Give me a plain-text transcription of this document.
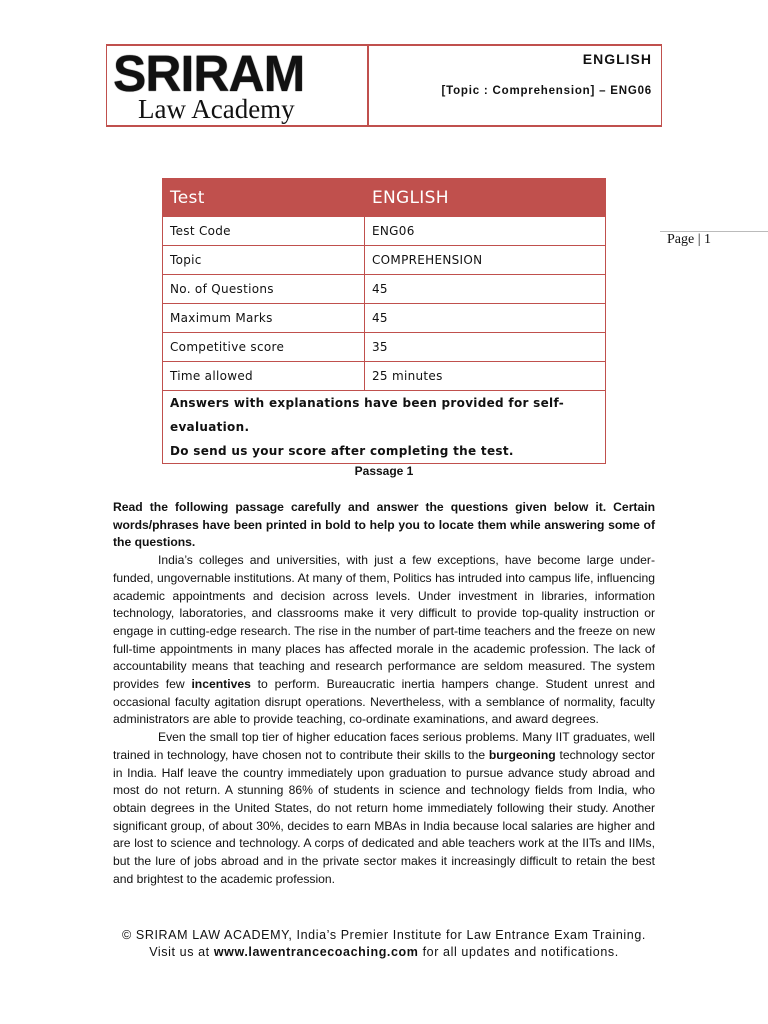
SRIRAM
Law Academy
ENGLISH
[Topic : Comprehension] – ENG06
Page | 1
Test	ENGLISH
Test Code	ENG06
Topic	COMPREHENSION
No. of Questions	45
Maximum Marks	45
Competitive score	35
Time allowed	25 minutes

Answers with explanations have been provided for self-evaluation.
Do send us your score after completing the test.	
Passage 1

Read the following passage carefully and answer the questions given below it. Certain words/phrases have been printed in bold to help you to locate them while answering some of the questions.

India’s colleges and universities, with just a few exceptions, have become large under-funded, ungovernable institutions. At many of them, Politics has intruded into campus life, influencing academic appointments and decision across levels. Under investment in libraries, information technology, laboratories, and classrooms make it very difficult to provide top-quality instruction or engage in cutting-edge research. The rise in the number of part-time teachers and the freeze on new full-time appointments in many places has affected morale in the academic profession. The lack of accountability means that teaching and research performance are seldom measured. The system provides few incentives to perform. Bureaucratic inertia hampers change. Student unrest and occasional faculty agitation disrupt operations. Nevertheless, with a semblance of normality, faculty administrators are able to provide teaching, co-ordinate examinations, and award degrees.

Even the small top tier of higher education faces serious problems. Many IIT graduates, well trained in technology, have chosen not to contribute their skills to the burgeoning technology sector in India. Half leave the country immediately upon graduation to pursue advance study abroad and most do not return. A stunning 86% of students in science and technology fields from India, who obtain degrees in the United States, do not return home immediately following their study. Another significant group, of about 30%, decides to earn MBAs in India because local salaries are higher and are lost to science and technology. A corps of dedicated and able teachers work at the IITs and IIMs, but the lure of jobs abroad and in the private sector makes it increasingly difficult to retain the best and brightest to the academic profession.

© SRIRAM LAW ACADEMY, India’s Premier Institute for Law Entrance Exam Training.
Visit us at www.lawentrancecoaching.com for all updates and notifications.
